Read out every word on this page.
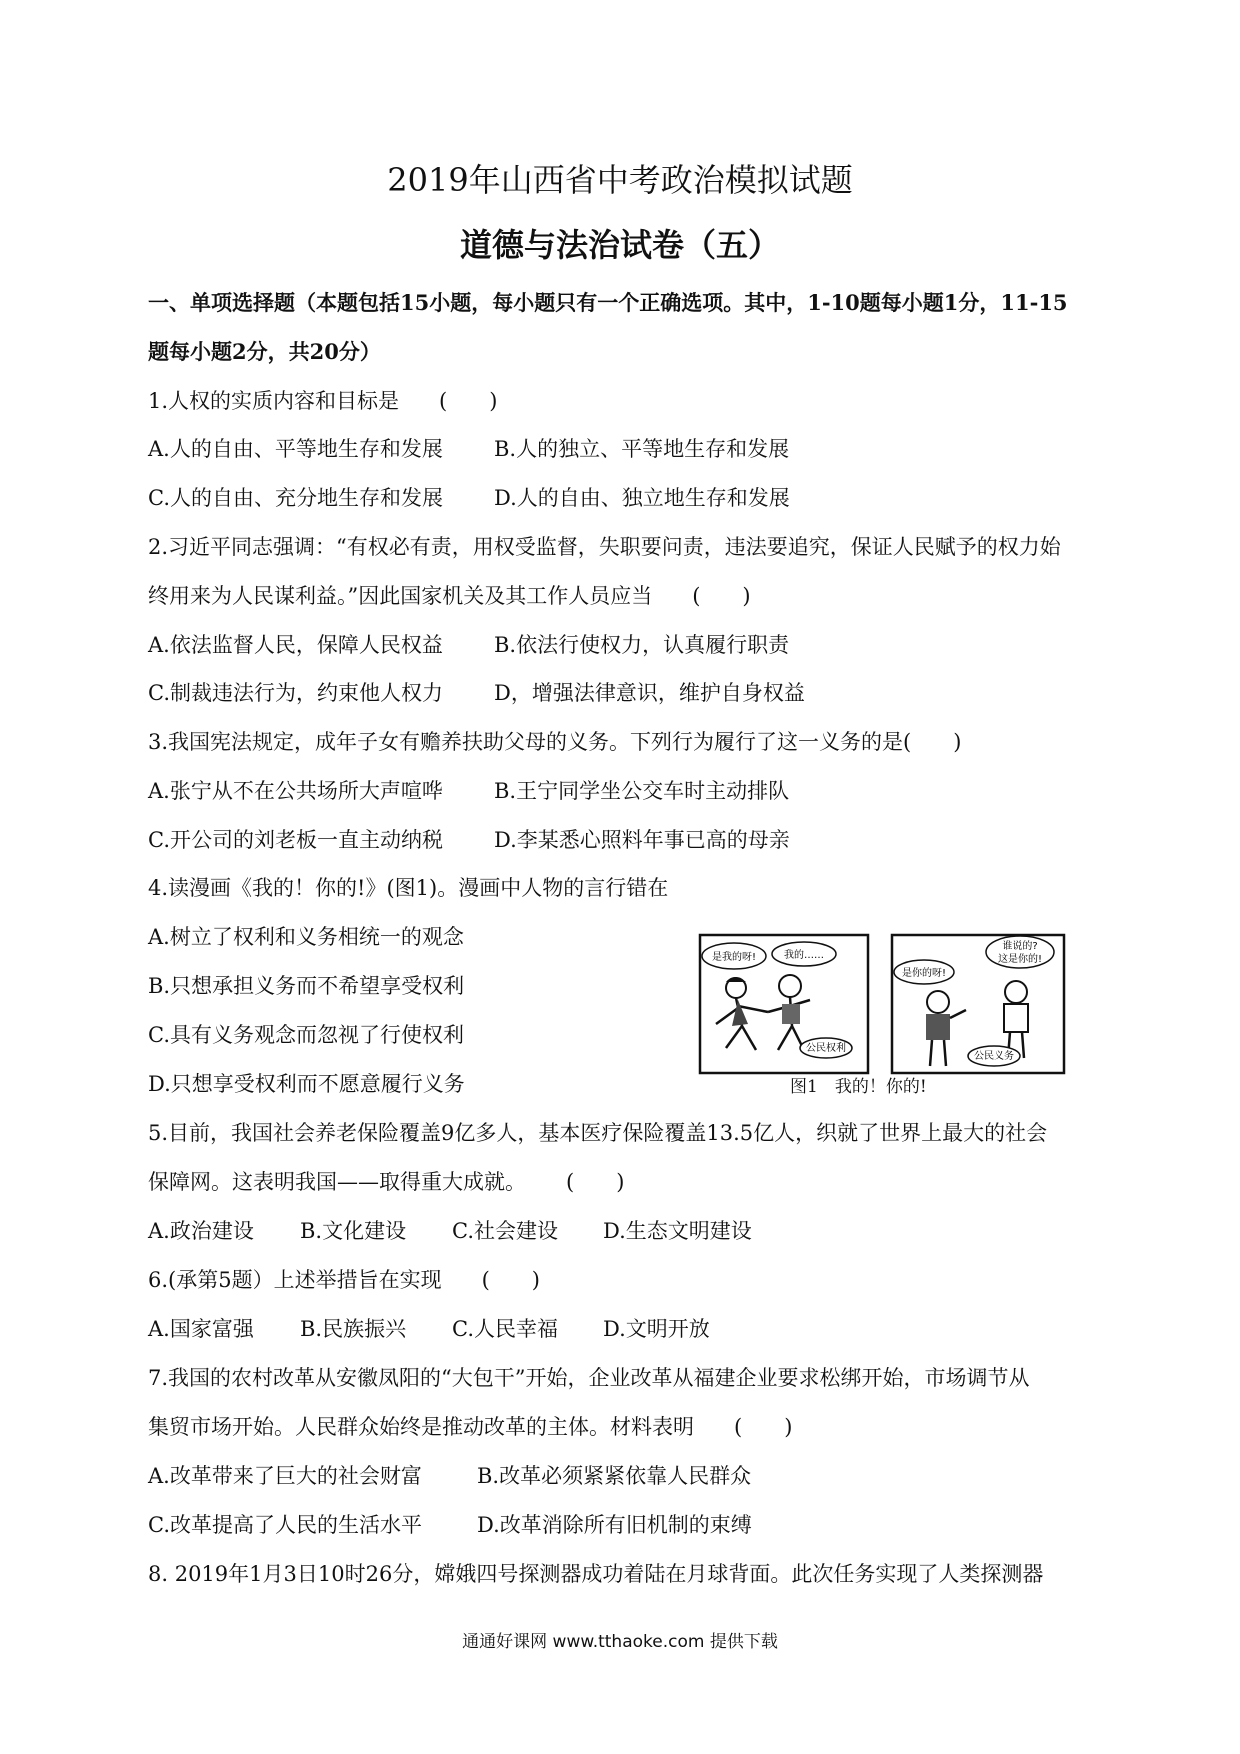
2019年山西省中考政治模拟试题
道德与法治试卷（五）
一、单项选择题（本题包括15小题，每小题只有一个正确选项。其中，1-10题每小题1分，11-15
题每小题2分，共20分）
1.人权的实质内容和目标是 (　　)
A.人的自由、平等地生存和发展 B.人的独立、平等地生存和发展
C.人的自由、充分地生存和发展 D.人的自由、独立地生存和发展
2.习近平同志强调：“有权必有责，用权受监督，失职要问责，违法要追究，保证人民赋予的权力始
终用来为人民谋利益。”因此国家机关及其工作人员应当 (　　)
A.依法监督人民，保障人民权益 B.依法行使权力，认真履行职责
C.制裁违法行为，约束他人权力 D，增强法律意识，维护自身权益
3.我国宪法规定，成年子女有赡养扶助父母的义务。下列行为履行了这一义务的是(　　)
A.张宁从不在公共场所大声喧哗 B.王宁同学坐公交车时主动排队
C.开公司的刘老板一直主动纳税 D.李某悉心照料年事已高的母亲
4.读漫画《我的！你的!》(图1)。漫画中人物的言行错在
A.树立了权利和义务相统一的观念
B.只想承担义务而不希望享受权利
C.具有义务观念而忽视了行使权利
D.只想享受权利而不愿意履行义务
是我的呀!	我的……
公民权利
是你的呀!
谁说的?
这是你的!
公民义务
图1　我的！你的!
5.目前，我国社会养老保险覆盖9亿多人，基本医疗保险覆盖13.5亿人，织就了世界上最大的社会
保障网。这表明我国——取得重大成就。 (　　)
A.政治建设 B.文化建设 C.社会建设 D.生态文明建设
6.(承第5题）上述举措旨在实现 (　　)
A.国家富强 B.民族振兴 C.人民幸福 D.文明开放
7.我国的农村改革从安徽凤阳的“大包干”开始，企业改革从福建企业要求松绑开始，市场调节从
集贸市场开始。人民群众始终是推动改革的主体。材料表明 (　　)
A.改革带来了巨大的社会财富	B.改革必须紧紧依靠人民群众
C.改革提高了人民的生活水平	D.改革消除所有旧机制的束缚
8. 2019年1月3日10时26分，嫦娥四号探测器成功着陆在月球背面。此次任务实现了人类探测器
通通好课网 www.tthaoke.com 提供下载
